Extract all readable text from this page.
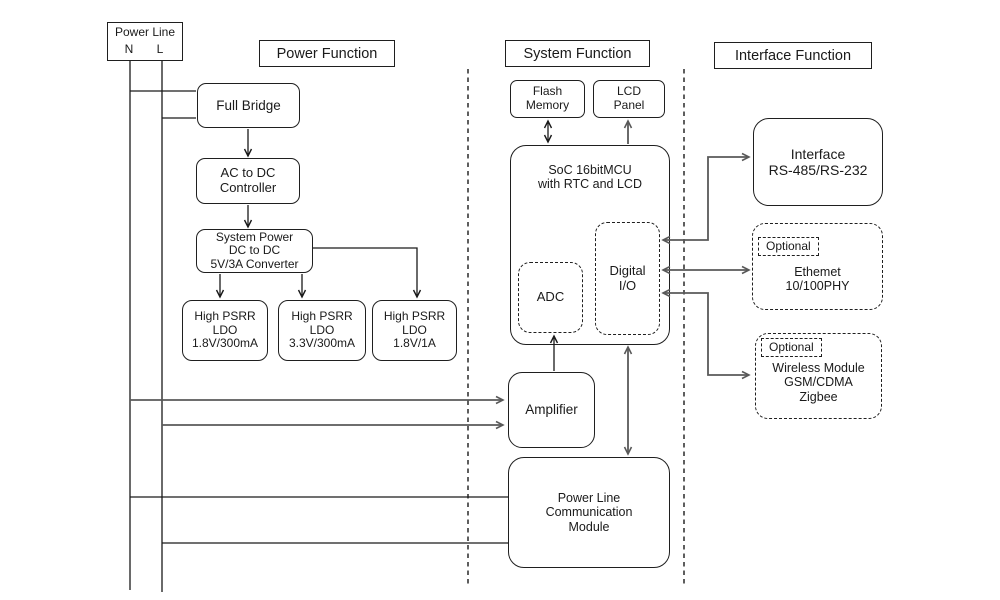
Power Function	System Function	Interface Function
Power Line
N	L
Full Bridge
AC to DC
Controller
System Power
DC to DC
5V/3A Converter
High PSRR
LDO
1.8V/300mA
High PSRR
LDO
3.3V/300mA
High PSRR
LDO
1.8V/1A
Flash
Memory
LCD
Panel
SoC 16bitMCU
with RTC and LCD
ADC
Digital
I/O
Amplifier
Power Line
Communication
Module
Interface
RS-485/RS-232
Optional
Ethemet
10/100PHY
Optional
Wireless Module
GSM/CDMA
Zigbee
